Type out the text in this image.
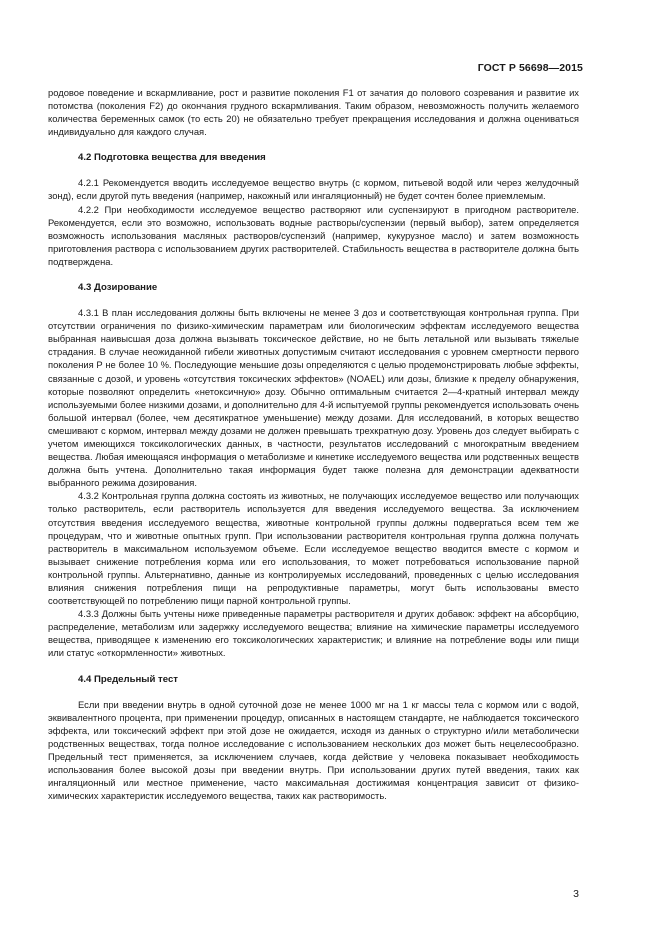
ГОСТ Р 56698—2015

родовое поведение и вскармливание, рост и развитие поколения F1 от зачатия до полового созревания и развитие их потомства (поколения F2) до окончания грудного вскармливания. Таким образом, невозможность получить желаемого количества беременных самок (то есть 20) не обязательно требует прекращения исследования и должна оцениваться индивидуально для каждого случая.

4.2 Подготовка вещества для введения

4.2.1 Рекомендуется вводить исследуемое вещество внутрь (с кормом, питьевой водой или через желудочный зонд), если другой путь введения (например, накожный или ингаляционный) не будет сочтен более приемлемым.

4.2.2 При необходимости исследуемое вещество растворяют или суспензируют в пригодном растворителе. Рекомендуется, если это возможно, использовать водные растворы/суспензии (первый выбор), затем определяется возможность использования масляных растворов/суспензий (например, кукурузное масло) и затем возможность приготовления раствора с использованием других растворителей. Стабильность вещества в растворителе должна быть подтверждена.

4.3 Дозирование

4.3.1 В план исследования должны быть включены не менее 3 доз и соответствующая контрольная группа. При отсутствии ограничения по физико-химическим параметрам или биологическим эффектам исследуемого вещества выбранная наивысшая доза должна вызывать токсическое действие, но не быть летальной или вызывать тяжелые страдания. В случае неожиданной гибели животных допустимым считают исследования с уровнем смертности первого поколения Р не более 10 %. Последующие меньшие дозы определяются с целью продемонстрировать любые эффекты, связанные с дозой, и уровень «отсутствия токсических эффектов» (NOAEL) или дозы, близкие к пределу обнаружения, которые позволяют определить «нетоксичную» дозу. Обычно оптимальным считается 2—4-кратный интервал между используемыми более низкими дозами, и дополнительно для 4-й испытуемой группы рекомендуется использовать очень большой интервал (более, чем десятикратное уменьшение) между дозами. Для исследований, в которых вещество смешивают с кормом, интервал между дозами не должен превышать трехкратную дозу. Уровень доз следует выбирать с учетом имеющихся токсикологических данных, в частности, результатов исследований с многократным введением вещества. Любая имеющаяся информация о метаболизме и кинетике исследуемого вещества или родственных веществ должна быть учтена. Дополнительно такая информация будет также полезна для демонстрации адекватности выбранного режима дозирования.

4.3.2 Контрольная группа должна состоять из животных, не получающих исследуемое вещество или получающих только растворитель, если растворитель используется для введения исследуемого вещества. За исключением отсутствия введения исследуемого вещества, животные контрольной группы должны подвергаться всем тем же процедурам, что и животные опытных групп. При использовании растворителя контрольная группа должна получать растворитель в максимальном используемом объеме. Если исследуемое вещество вводится вместе с кормом и вызывает снижение потребления корма или его использования, то может потребоваться использование парной контрольной группы. Альтернативно, данные из контролируемых исследований, проведенных с целью исследования влияния снижения потребления пищи на репродуктивные параметры, могут быть использованы вместо соответствующей по потреблению пищи парной контрольной группы.

4.3.3 Должны быть учтены ниже приведенные параметры растворителя и других добавок: эффект на абсорбцию, распределение, метаболизм или задержку исследуемого вещества; влияние на химические параметры исследуемого вещества, приводящее к изменению его токсикологических характеристик; и влияние на потребление воды или пищи или статус «откормленности» животных.

4.4 Предельный тест

Если при введении внутрь в одной суточной дозе не менее 1000 мг на 1 кг массы тела с кормом или с водой, эквивалентного процента, при применении процедур, описанных в настоящем стандарте, не наблюдается токсического эффекта, или токсический эффект при этой дозе не ожидается, исходя из данных о структурно и/или метаболически родственных веществах, тогда полное исследование с использованием нескольких доз может быть нецелесообразно. Предельный тест применяется, за исключением случаев, когда действие у человека показывает необходимость использования более высокой дозы при введении внутрь. При использовании других путей введения, таких как ингаляционный или местное применение, часто максимальная достижимая концентрация зависит от физико-химических характеристик исследуемого вещества, таких как растворимость.

3
